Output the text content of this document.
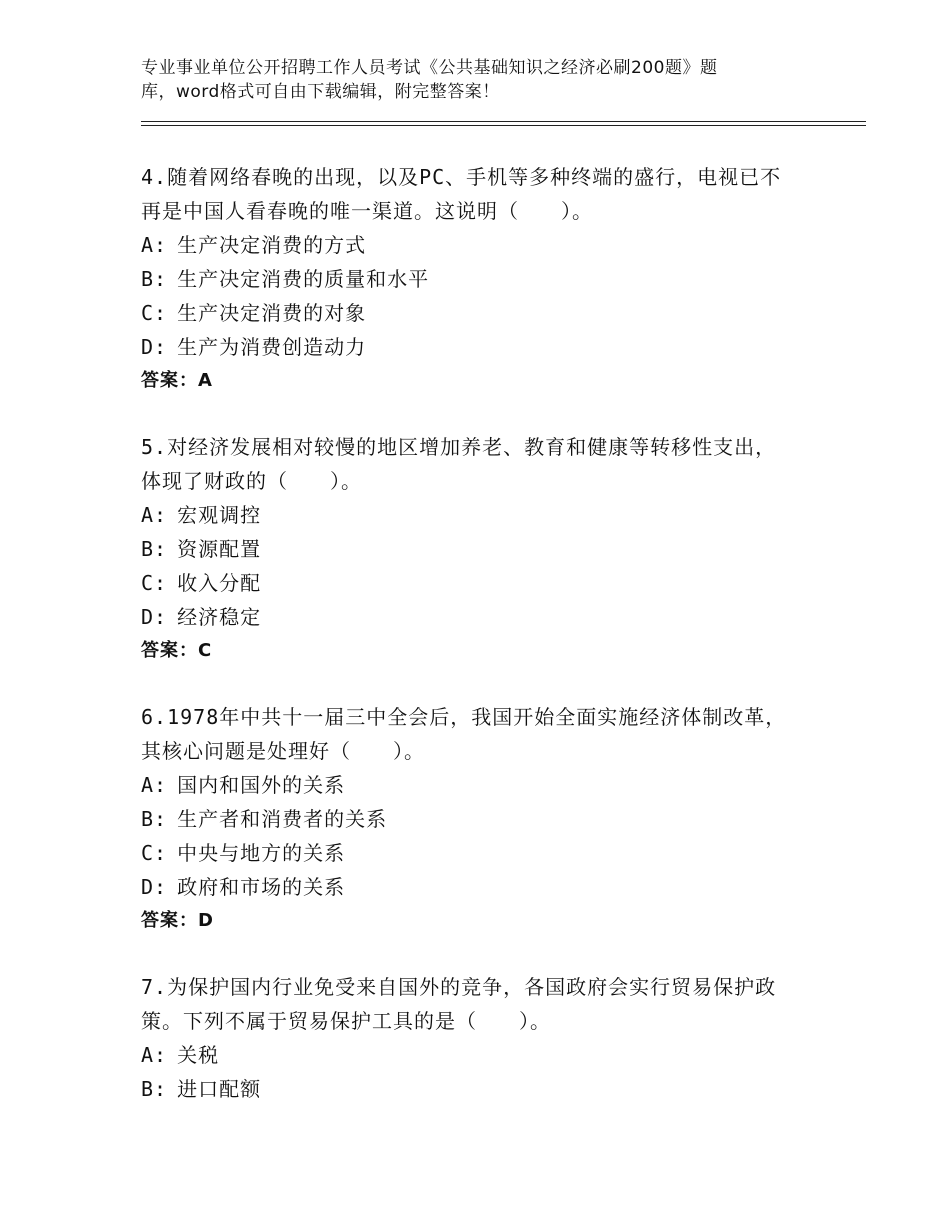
专业事业单位公开招聘工作人员考试《公共基础知识之经济必刷200题》题
库，word格式可自由下载编辑，附完整答案！

4.随着网络春晚的出现，以及PC、手机等多种终端的盛行，电视已不
再是中国人看春晚的唯一渠道。这说明（　　）。

A: 生产决定消费的方式

B: 生产决定消费的质量和水平

C: 生产决定消费的对象

D: 生产为消费创造动力

答案：A

5.对经济发展相对较慢的地区增加养老、教育和健康等转移性支出，
体现了财政的（　　）。

A: 宏观调控

B: 资源配置

C: 收入分配

D: 经济稳定

答案：C

6.1978年中共十一届三中全会后，我国开始全面实施经济体制改革，
其核心问题是处理好（　　）。

A: 国内和国外的关系

B: 生产者和消费者的关系

C: 中央与地方的关系

D: 政府和市场的关系

答案：D

7.为保护国内行业免受来自国外的竞争，各国政府会实行贸易保护政
策。下列不属于贸易保护工具的是（　　）。

A: 关税

B: 进口配额
